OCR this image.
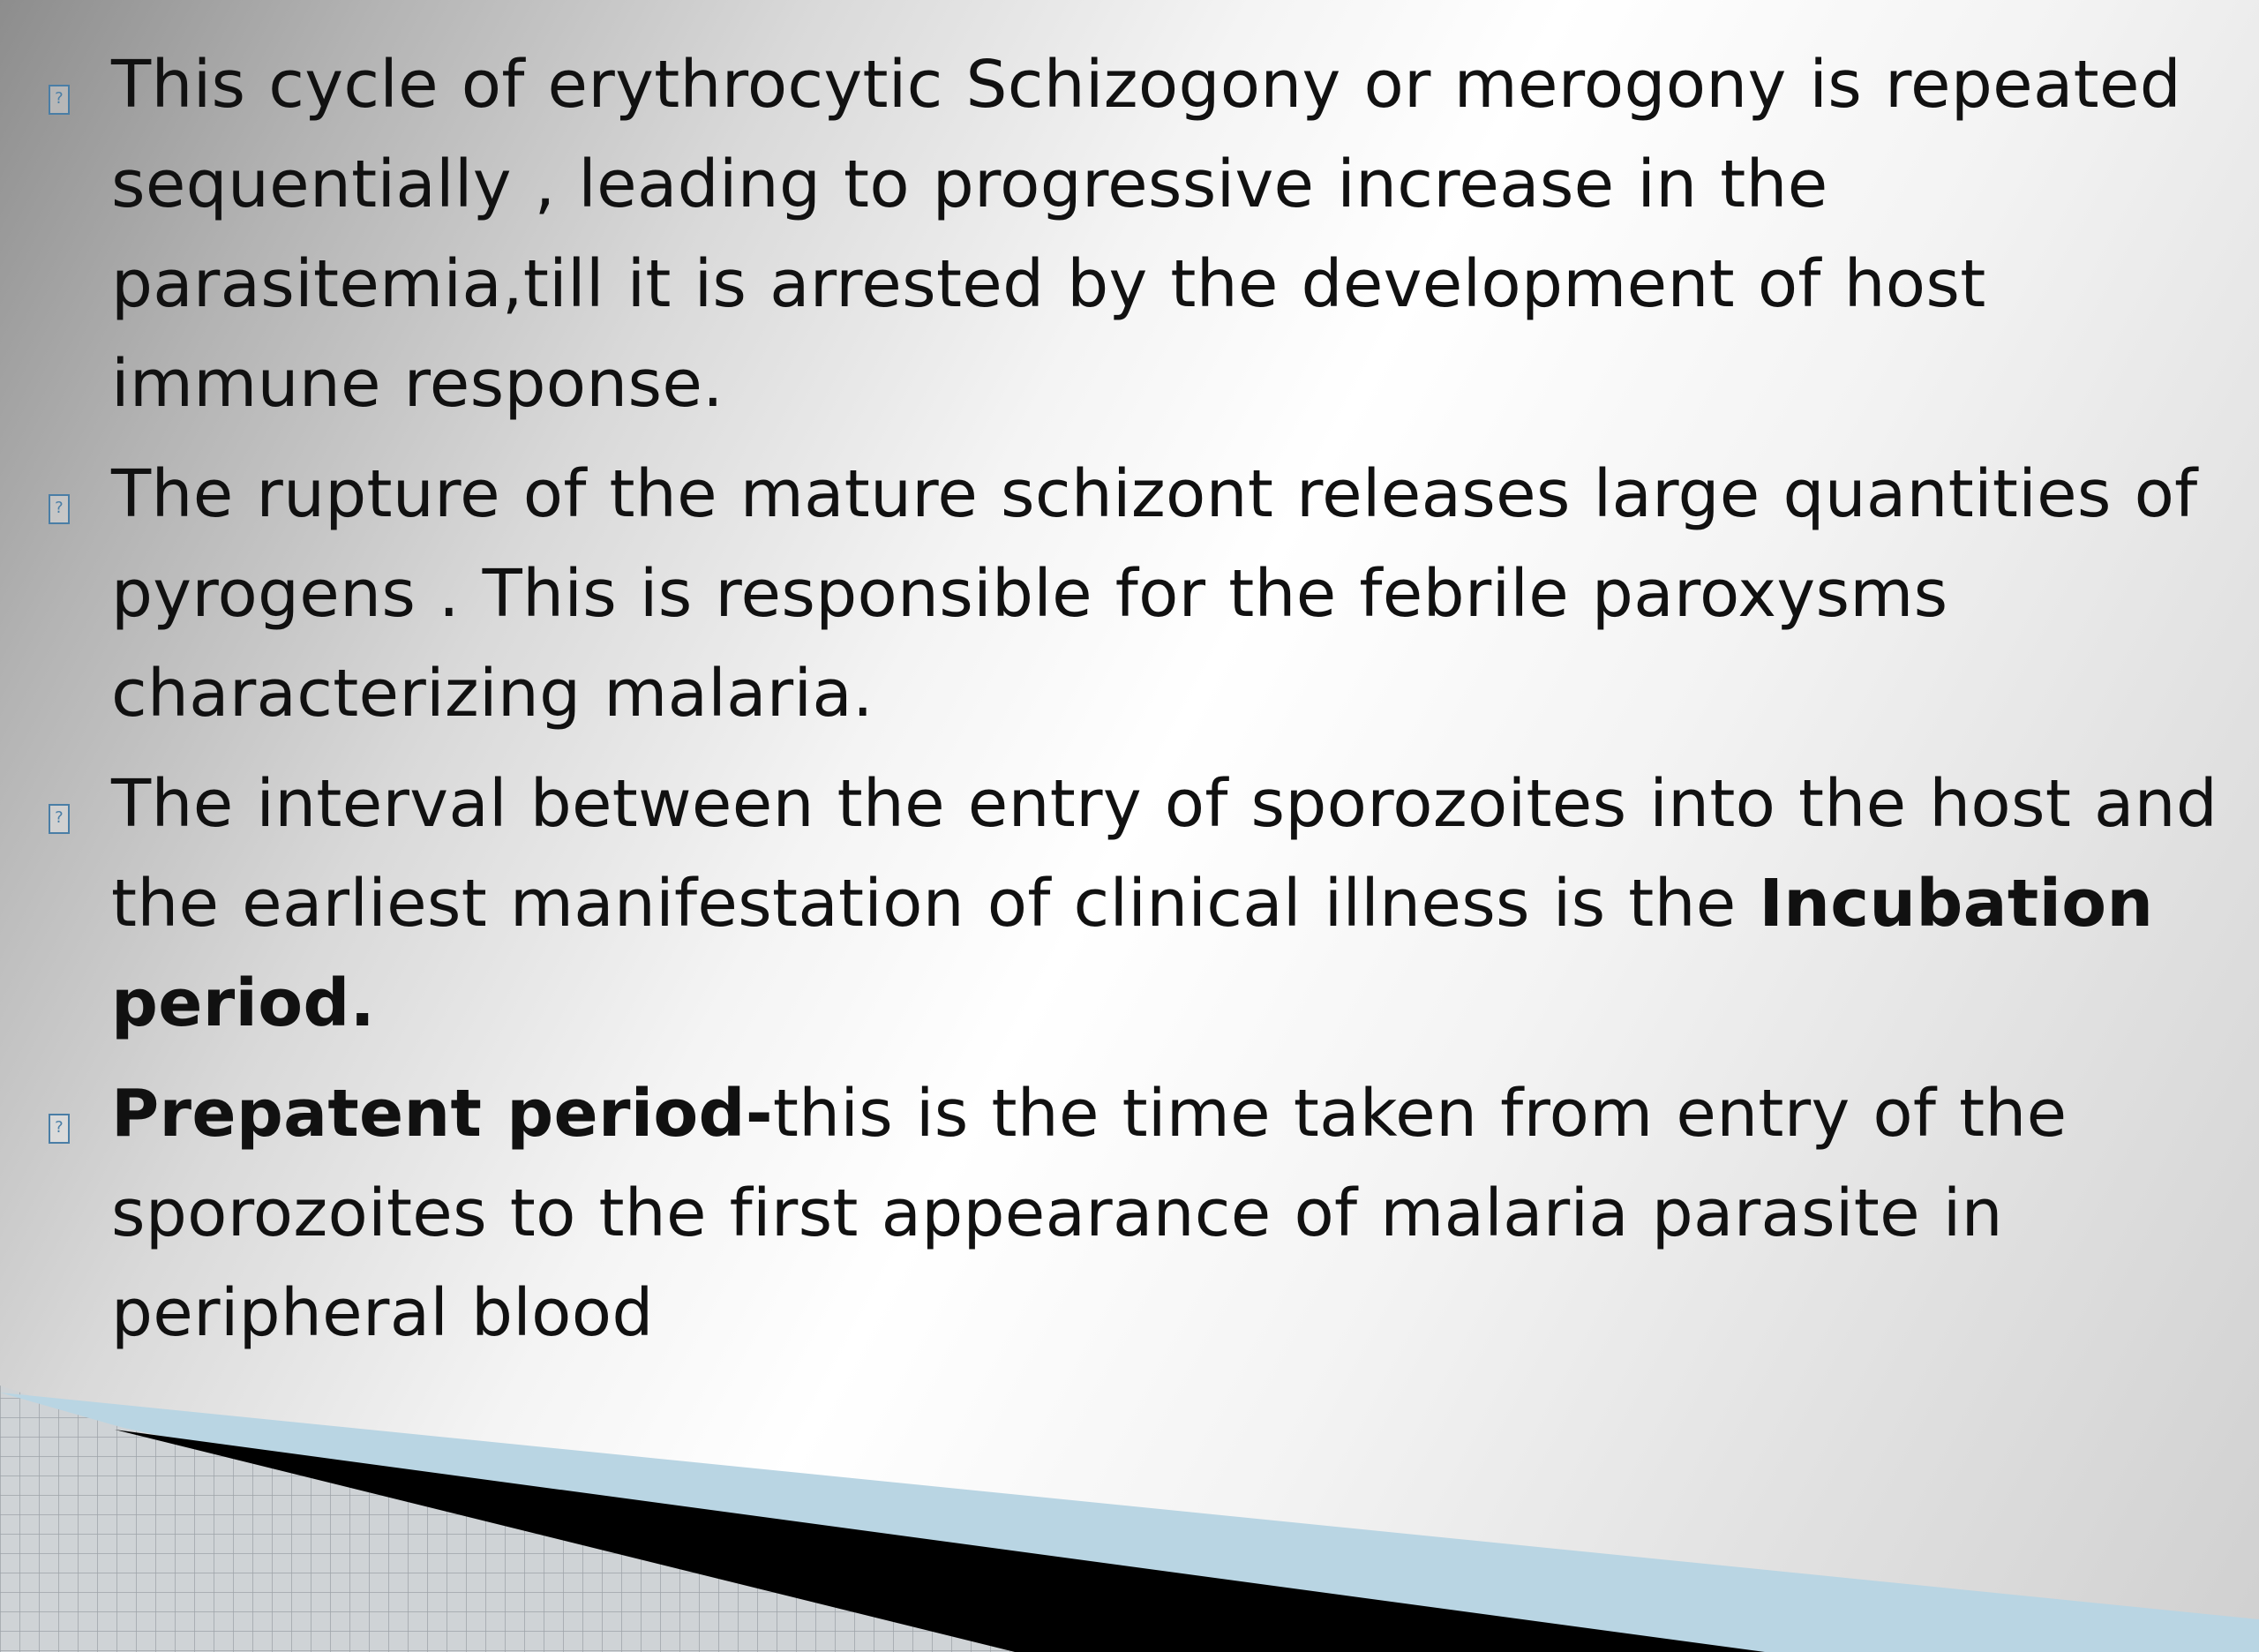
? This cycle of erythrocytic Schizogony or merogony is repeated sequentially , leading to progressive increase in the parasitemia,till it is arrested by the development of host immune response.
? The rupture of the mature schizont releases large quantities of pyrogens . This is responsible for the febrile paroxysms characterizing malaria.
? The interval between the entry of sporozoites into the host and the earliest manifestation of clinical illness is the Incubation period.
? Prepatent period-this is the time taken from entry of the sporozoites to the first appearance of malaria parasite in peripheral blood
